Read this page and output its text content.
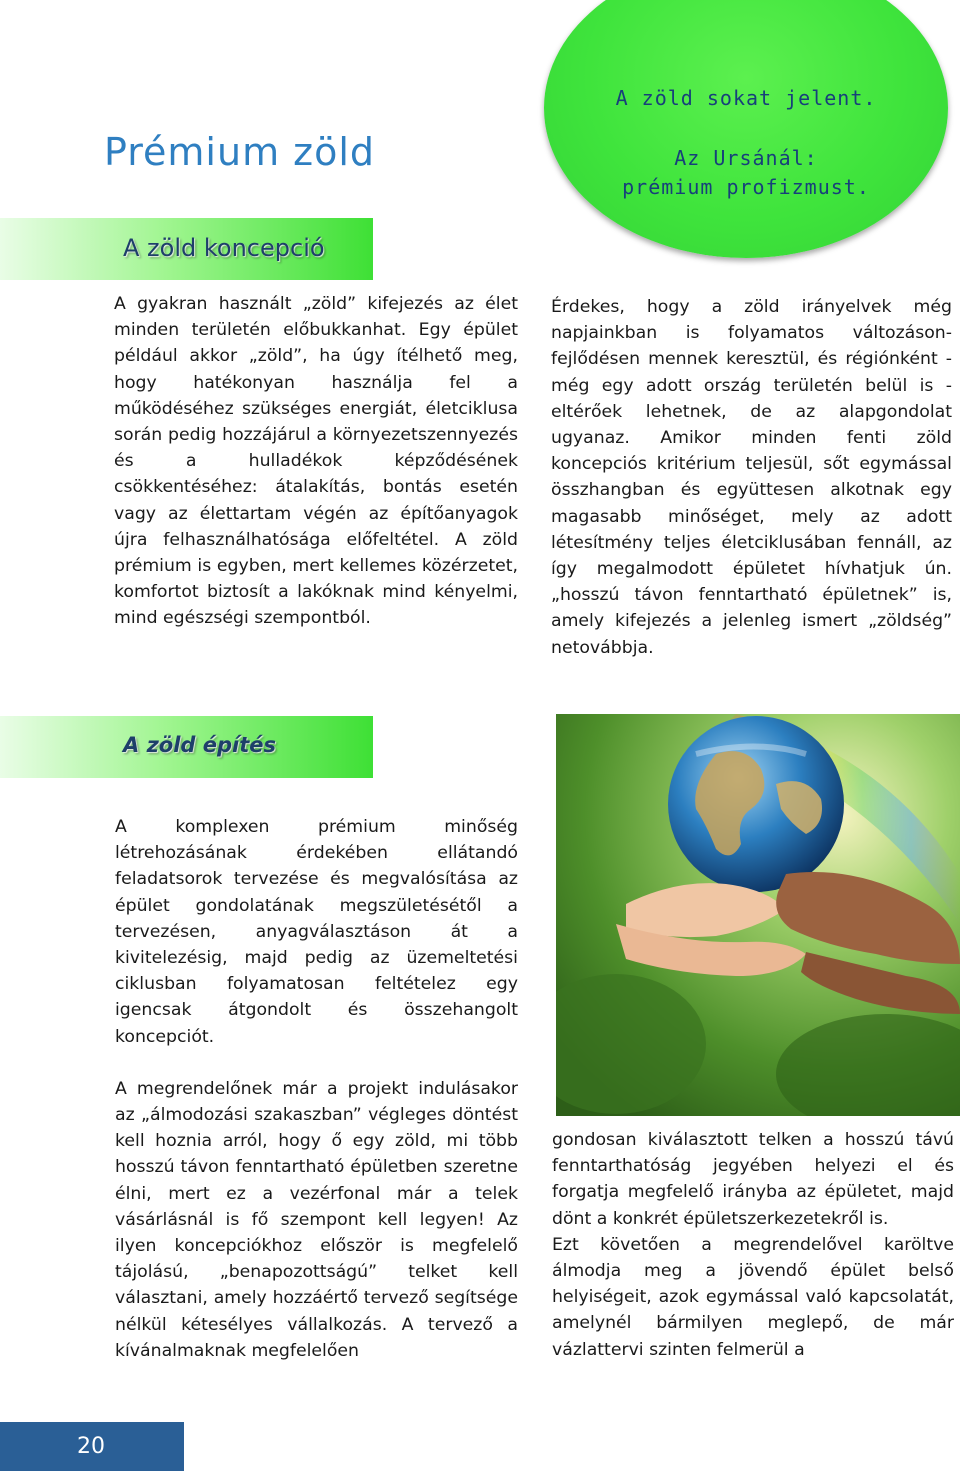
Prémium zöld
A zöld sokat jelent.
Az Ursánál:
prémium profizmust.
A zöld koncepció

A gyakran használt „zöld” kifejezés az élet minden területén előbukkanhat. Egy épület például akkor „zöld”, ha úgy ítélhető meg, hogy hatékonyan használja fel a működéséhez szükséges energiát, életciklusa során pedig hozzájárul a környezetszennyezés és a hulladékok képződésének csökkentéséhez: átalakítás, bontás esetén vagy az élettartam végén az építőanyagok újra felhasználhatósága előfeltétel. A zöld prémium is egyben, mert kellemes közérzetet, komfortot biztosít a lakóknak mind kényelmi, mind egészségi szempontból.

Érdekes, hogy a zöld irányelvek még napjainkban is folyamatos változáson-fejlődésen mennek keresztül, és régiónként - még egy adott ország területén belül is - eltérőek lehetnek, de az alapgondolat ugyanaz. Amikor minden fenti zöld koncepciós kritérium teljesül, sőt egymással összhangban és együttesen alkotnak egy magasabb minőséget, mely az adott létesítmény teljes életciklusában fennáll, az így megalmodott épületet hívhatjuk ún. „hosszú távon fenntartható épületnek” is, amely kifejezés a jelenleg ismert „zöldség” netovábbja.

A zöld építés

A komplexen prémium minőség létrehozásának érdekében ellátandó feladatsorok tervezése és megvalósítása az épület gondolatának megszületésétől a tervezésen, anyagválasztáson át a kivitelezésig, majd pedig az üzemeltetési ciklusban folyamatosan feltételez egy igencsak átgondolt és összehangolt koncepciót.

A megrendelőnek már a projekt indulásakor az „álmodozási szakaszban” végleges döntést kell hoznia arról, hogy ő egy zöld, mi több hosszú távon fenntartható épületben szeretne élni, mert ez a vezérfonal már a telek vásárlásnál is fő szempont kell legyen! Az ilyen koncepciókhoz először is megfelelő tájolású, „benapozottságú” telket kell választani, amely hozzáértő tervező segítsége nélkül kétesélyes vállalkozás. A tervező a kívánalmaknak megfelelően

gondosan kiválasztott telken a hosszú távú fenntarthatóság jegyében helyezi el és forgatja megfelelő irányba az épületet, majd dönt a konkrét épületszerkezetekről is.

Ezt követően a megrendelővel karöltve álmodja meg a jövendő épület belső helyiségeit, azok egymással való kapcsolatát, amelynél bármilyen meglepő, de már vázlattervi szinten felmerül a

20
